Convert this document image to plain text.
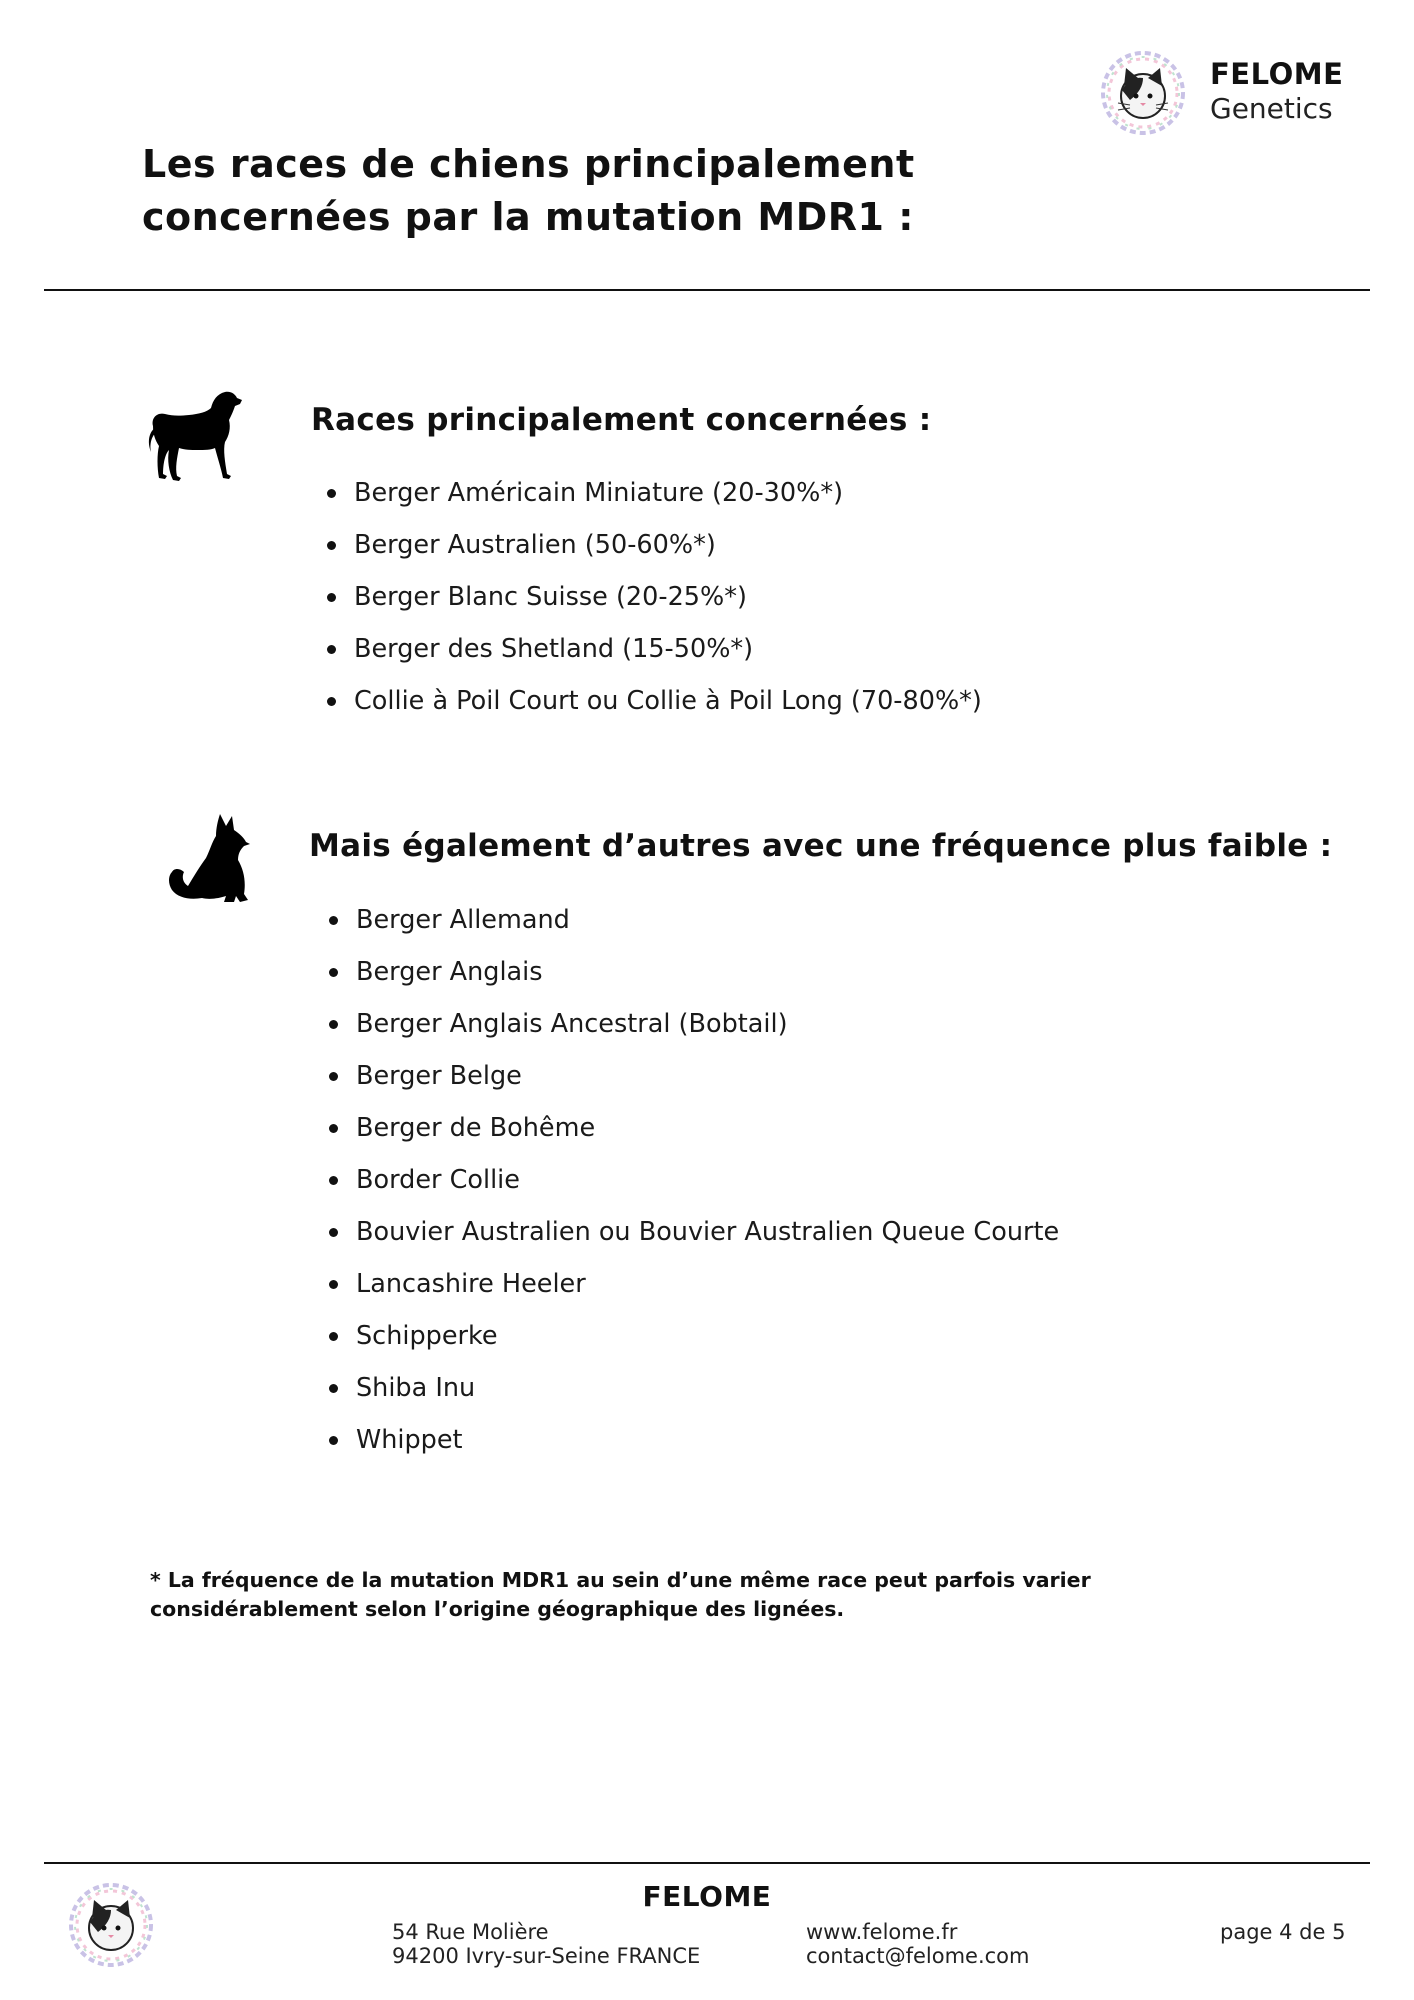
FELOME
Genetics
Les races de chiens principalement
concernées par la mutation MDR1 :
Races principalement concernées :
Berger Américain Miniature (20-30%*)
Berger Australien (50-60%*)
Berger Blanc Suisse (20-25%*)
Berger des Shetland (15-50%*)
Collie à Poil Court ou Collie à Poil Long (70-80%*)
Mais également d’autres avec une fréquence plus faible :
Berger Allemand
Berger Anglais
Berger Anglais Ancestral (Bobtail)
Berger Belge
Berger de Bohême
Border Collie
Bouvier Australien ou Bouvier Australien Queue Courte
Lancashire Heeler
Schipperke
Shiba Inu
Whippet
* La fréquence de la mutation MDR1 au sein d’une même race peut parfois varier
considérablement selon l’origine géographique des lignées.
FELOME
54 Rue Molière
94200 Ivry-sur-Seine FRANCE
www.felome.fr
contact@felome.com
page 4 de 5
